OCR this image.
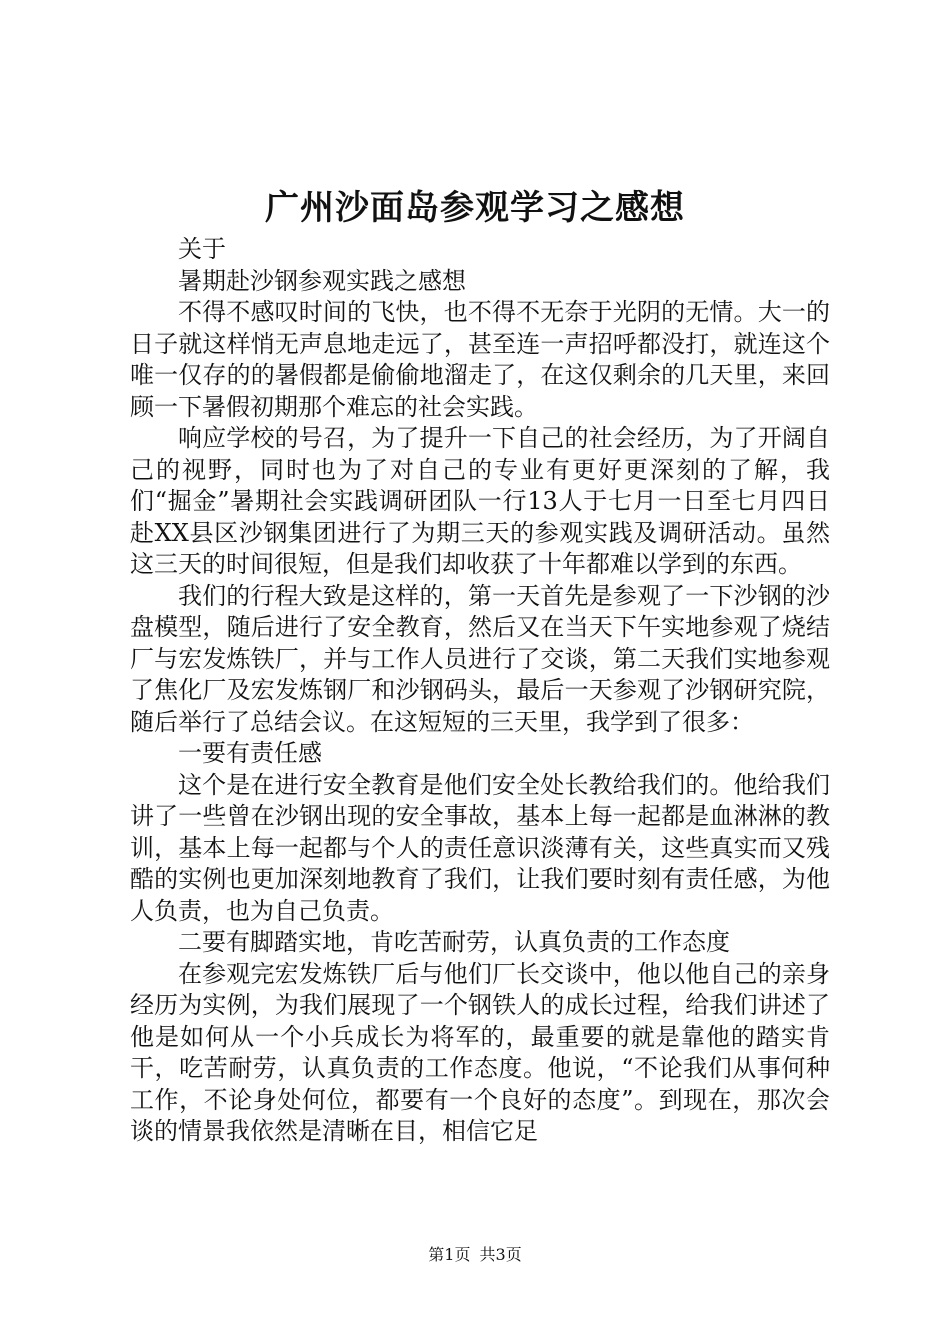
广州沙面岛参观学习之感想

关于

暑期赴沙钢参观实践之感想

不得不感叹时间的飞快，也不得不无奈于光阴的无情。大一的日子就这样悄无声息地走远了，甚至连一声招呼都没打，就连这个唯一仅存的的暑假都是偷偷地溜走了，在这仅剩余的几天里，来回顾一下暑假初期那个难忘的社会实践。

响应学校的号召，为了提升一下自己的社会经历，为了开阔自己的视野，同时也为了对自己的专业有更好更深刻的了解，我们“掘金”暑期社会实践调研团队一行13人于七月一日至七月四日赴XX县区沙钢集团进行了为期三天的参观实践及调研活动。虽然这三天的时间很短，但是我们却收获了十年都难以学到的东西。

我们的行程大致是这样的，第一天首先是参观了一下沙钢的沙盘模型，随后进行了安全教育，然后又在当天下午实地参观了烧结厂与宏发炼铁厂，并与工作人员进行了交谈，第二天我们实地参观了焦化厂及宏发炼钢厂和沙钢码头，最后一天参观了沙钢研究院，随后举行了总结会议。在这短短的三天里，我学到了很多：

一要有责任感

这个是在进行安全教育是他们安全处长教给我们的。他给我们讲了一些曾在沙钢出现的安全事故，基本上每一起都是血淋淋的教训，基本上每一起都与个人的责任意识淡薄有关，这些真实而又残酷的实例也更加深刻地教育了我们，让我们要时刻有责任感，为他人负责，也为自己负责。

二要有脚踏实地，肯吃苦耐劳，认真负责的工作态度

在参观完宏发炼铁厂后与他们厂长交谈中，他以他自己的亲身经历为实例，为我们展现了一个钢铁人的成长过程，给我们讲述了他是如何从一个小兵成长为将军的，最重要的就是靠他的踏实肯干，吃苦耐劳，认真负责的工作态度。他说，“不论我们从事何种工作，不论身处何位，都要有一个良好的态度”。到现在，那次会谈的情景我依然是清晰在目，相信它足

第1页 共3页
